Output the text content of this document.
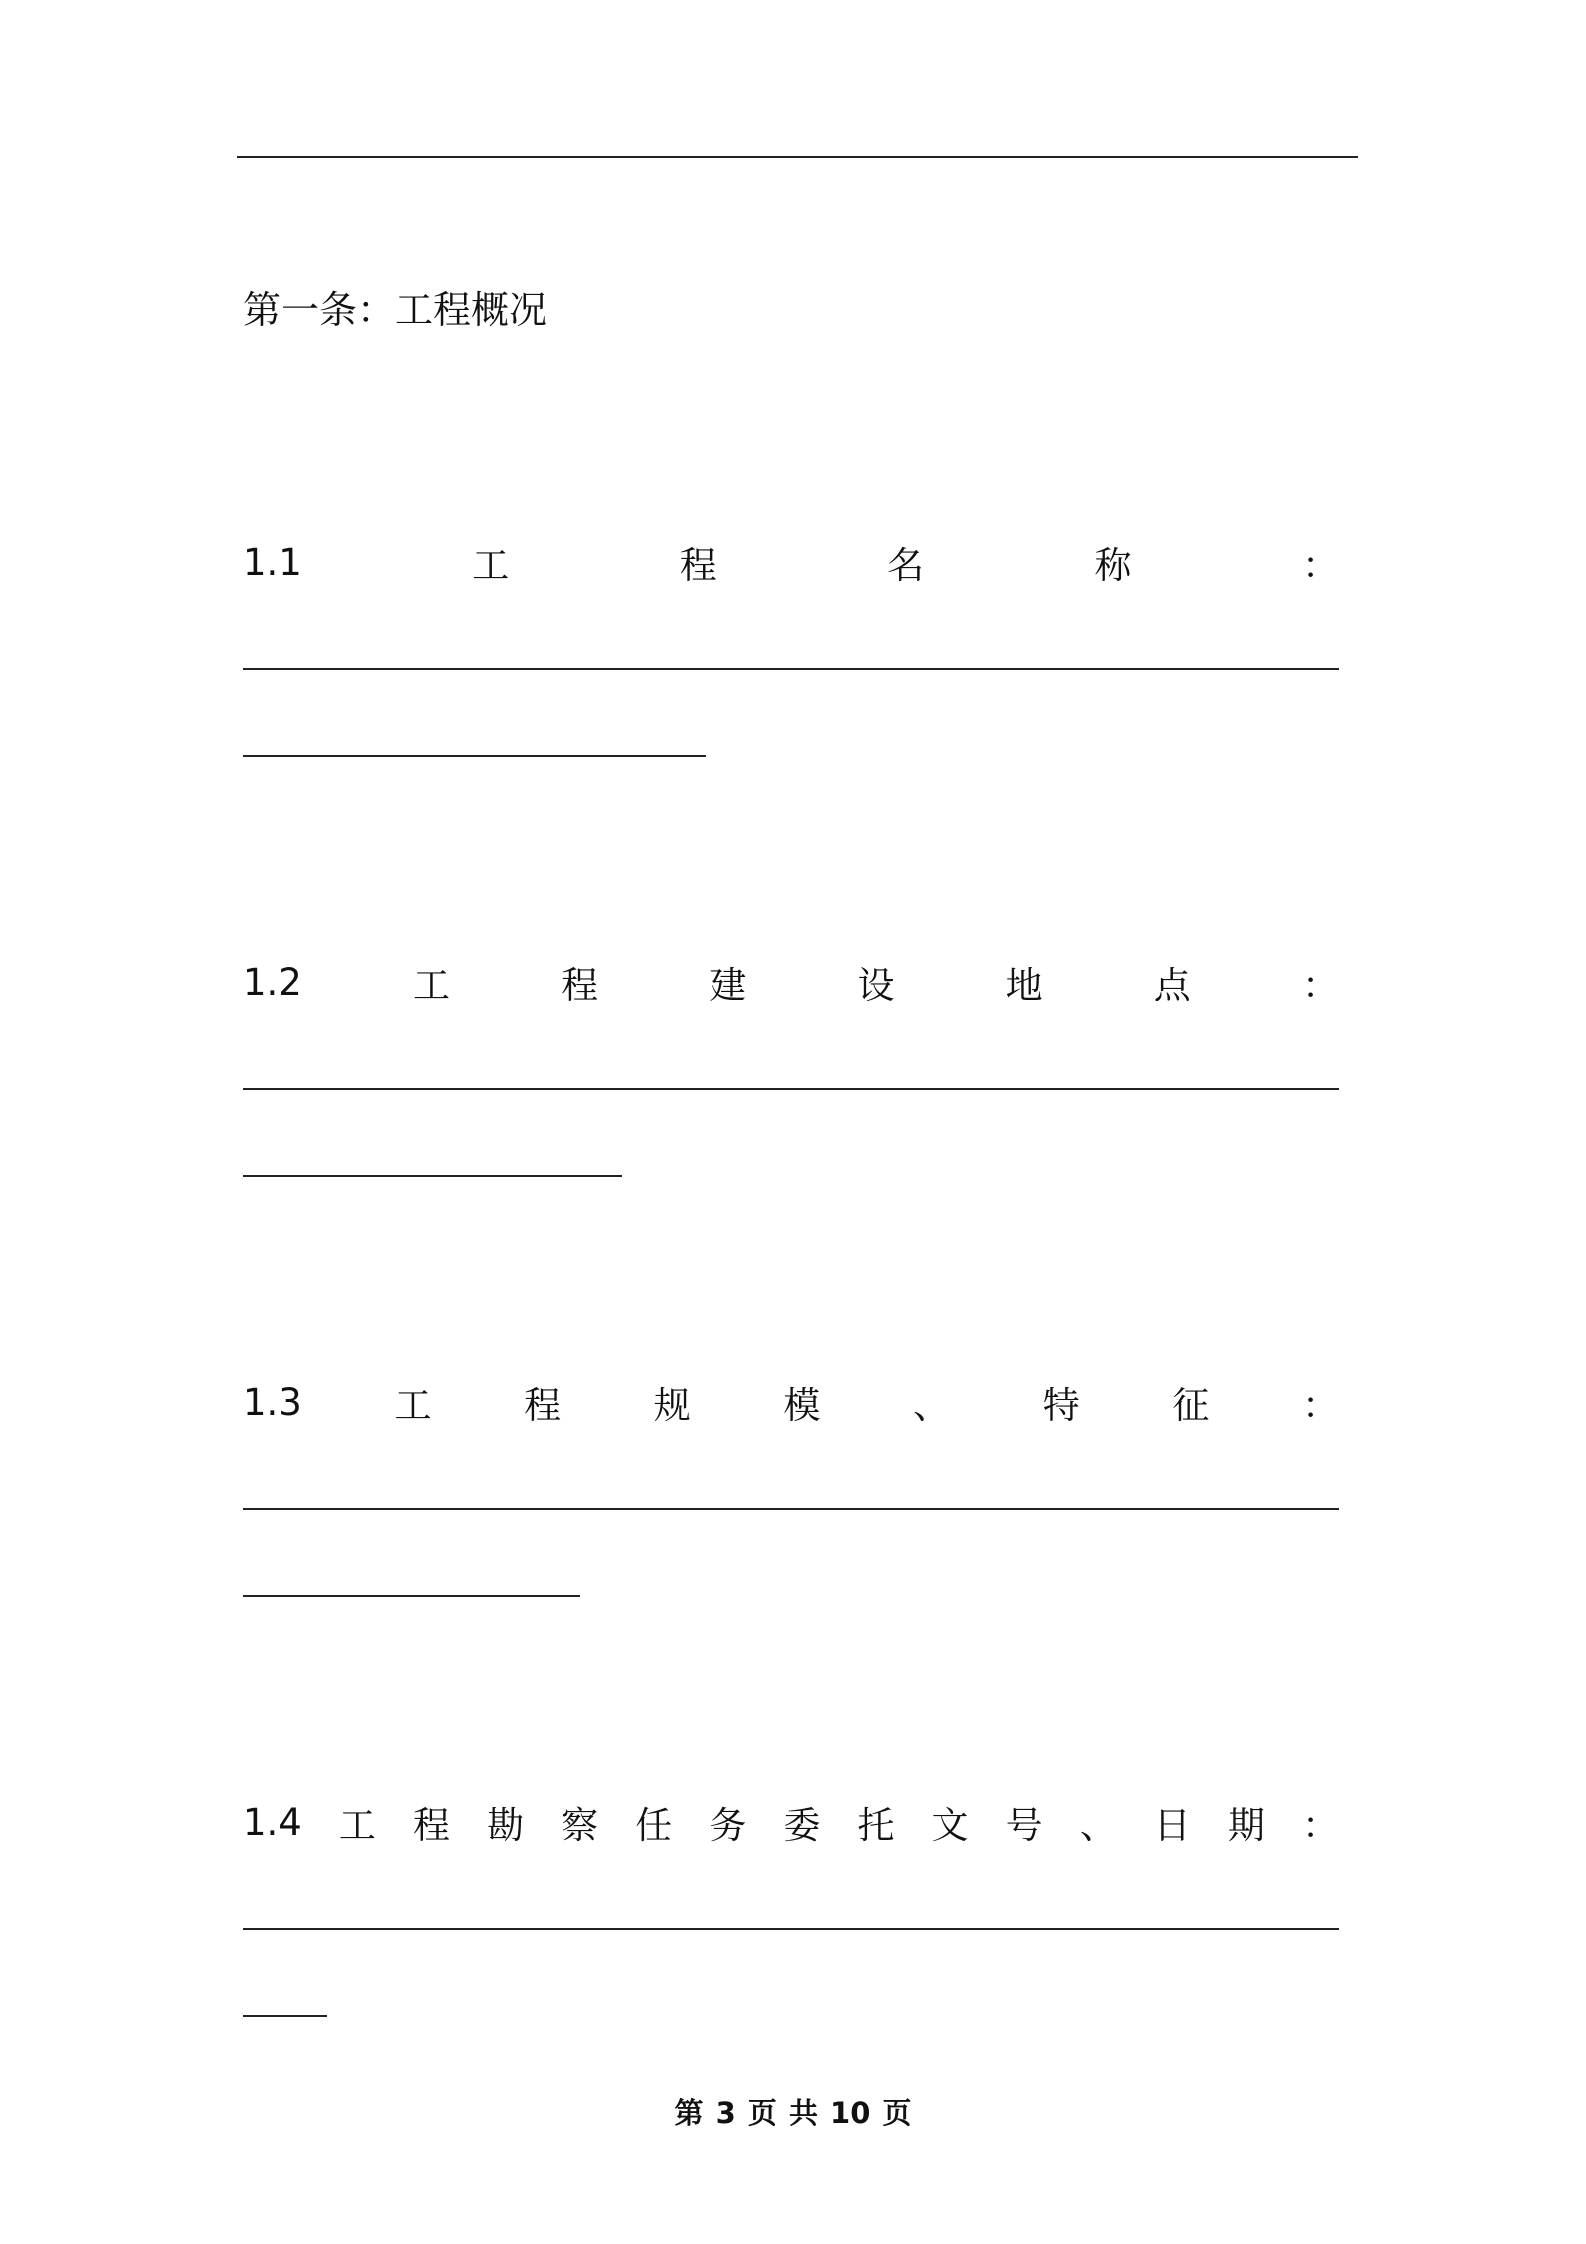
第一条：工程概况
1.1	工	程	名	称	：
1.2	工	程	建	设	地	点	：
1.3	工	程	规	模	、	特	征	：
1.4 工 程 勘 察 任 务 委 托 文 号 、 日 期 ：
第 3 页 共 10 页
